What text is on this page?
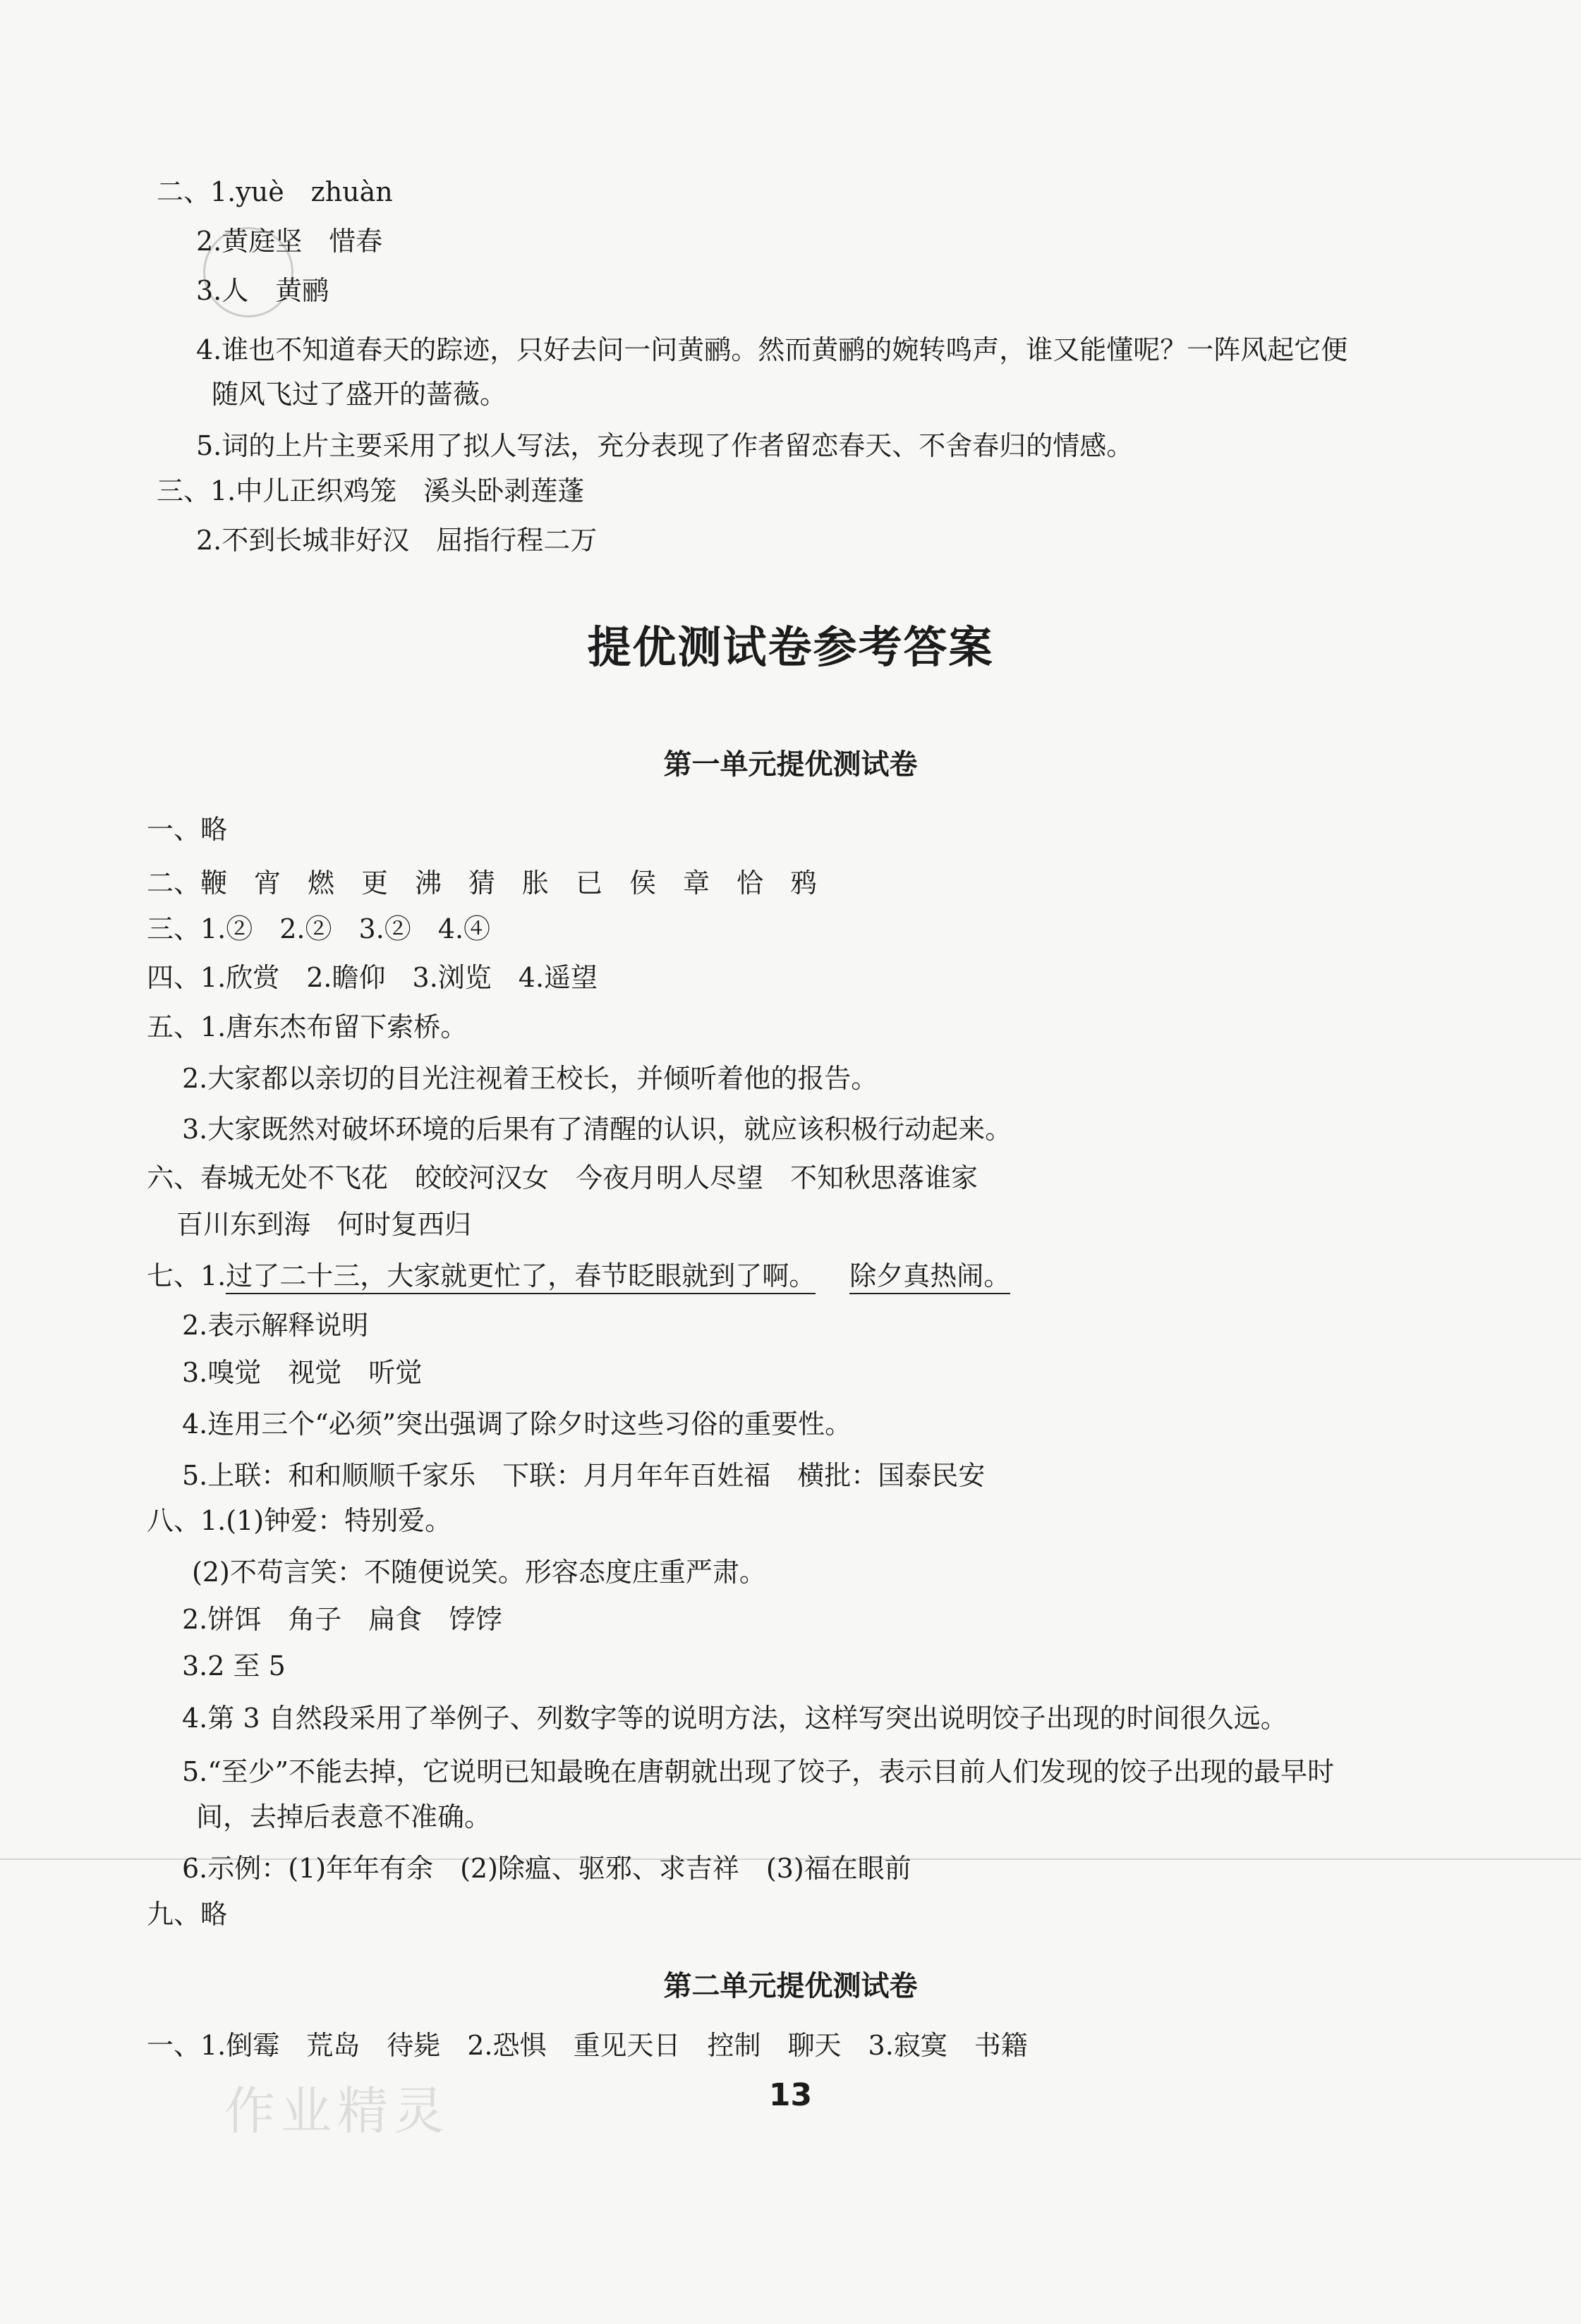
二、1.yuè　zhuàn
2.黄庭坚　惜春
3.人　黄鹂
4.谁也不知道春天的踪迹，只好去问一问黄鹂。然而黄鹂的婉转鸣声，谁又能懂呢？一阵风起它便
随风飞过了盛开的蔷薇。
5.词的上片主要采用了拟人写法，充分表现了作者留恋春天、不舍春归的情感。
三、1.中儿正织鸡笼　溪头卧剥莲蓬
2.不到长城非好汉　屈指行程二万
提优测试卷参考答案
第一单元提优测试卷
一、略
二、鞭　宵　燃　更　沸　猜　胀　已　侯　章　恰　鸦
三、1.②　2.②　3.②　4.④
四、1.欣赏　2.瞻仰　3.浏览　4.遥望
五、1.唐东杰布留下索桥。
2.大家都以亲切的目光注视着王校长，并倾听着他的报告。
3.大家既然对破坏环境的后果有了清醒的认识，就应该积极行动起来。
六、春城无处不飞花　皎皎河汉女　今夜月明人尽望　不知秋思落谁家
百川东到海　何时复西归
七、1.过了二十三，大家就更忙了，春节眨眼就到了啊。 除夕真热闹。
2.表示解释说明
3.嗅觉　视觉　听觉
4.连用三个“必须”突出强调了除夕时这些习俗的重要性。
5.上联：和和顺顺千家乐　下联：月月年年百姓福　横批：国泰民安
八、1.(1)钟爱：特别爱。
(2)不苟言笑：不随便说笑。形容态度庄重严肃。
2.饼饵　角子　扁食　饽饽
3.2 至 5
4.第 3 自然段采用了举例子、列数字等的说明方法，这样写突出说明饺子出现的时间很久远。
5.“至少”不能去掉，它说明已知最晚在唐朝就出现了饺子，表示目前人们发现的饺子出现的最早时
间，去掉后表意不准确。
6.示例：(1)年年有余　(2)除瘟、驱邪、求吉祥　(3)福在眼前
九、略
第二单元提优测试卷
一、1.倒霉　荒岛　待毙　2.恐惧　重见天日　控制　聊天　3.寂寞　书籍
作业精灵	13
